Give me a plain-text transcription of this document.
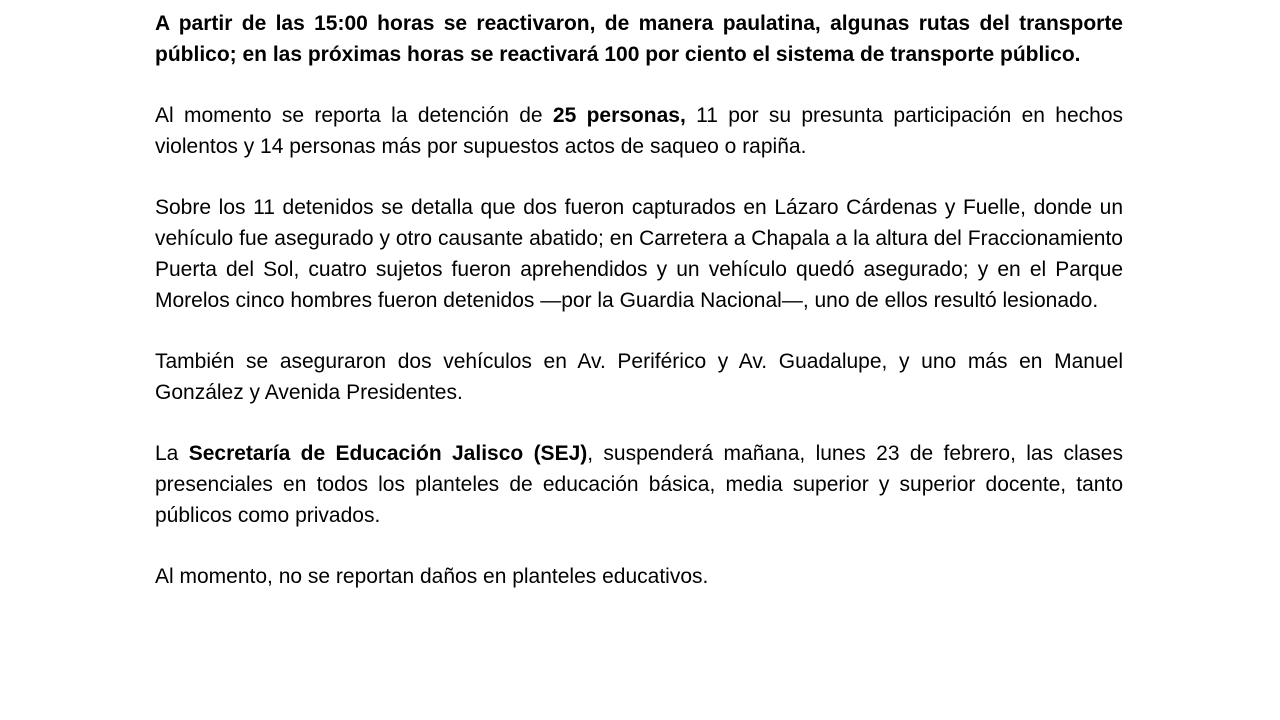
A partir de las 15:00 horas se reactivaron, de manera paulatina, algunas rutas del transporte público; en las próximas horas se reactivará 100 por ciento el sistema de transporte público.

Al momento se reporta la detención de 25 personas, 11 por su presunta participación en hechos violentos y 14 personas más por supuestos actos de saqueo o rapiña.

Sobre los 11 detenidos se detalla que dos fueron capturados en Lázaro Cárdenas y Fuelle, donde un vehículo fue asegurado y otro causante abatido; en Carretera a Chapala a la altura del Fraccionamiento Puerta del Sol, cuatro sujetos fueron aprehendidos y un vehículo quedó asegurado; y en el Parque Morelos cinco hombres fueron detenidos —por la Guardia Nacional—, uno de ellos resultó lesionado.

También se aseguraron dos vehículos en Av. Periférico y Av. Guadalupe, y uno más en Manuel González y Avenida Presidentes.

La Secretaría de Educación Jalisco (SEJ), suspenderá mañana, lunes 23 de febrero, las clases presenciales en todos los planteles de educación básica, media superior y superior docente, tanto públicos como privados.

Al momento, no se reportan daños en planteles educativos.
